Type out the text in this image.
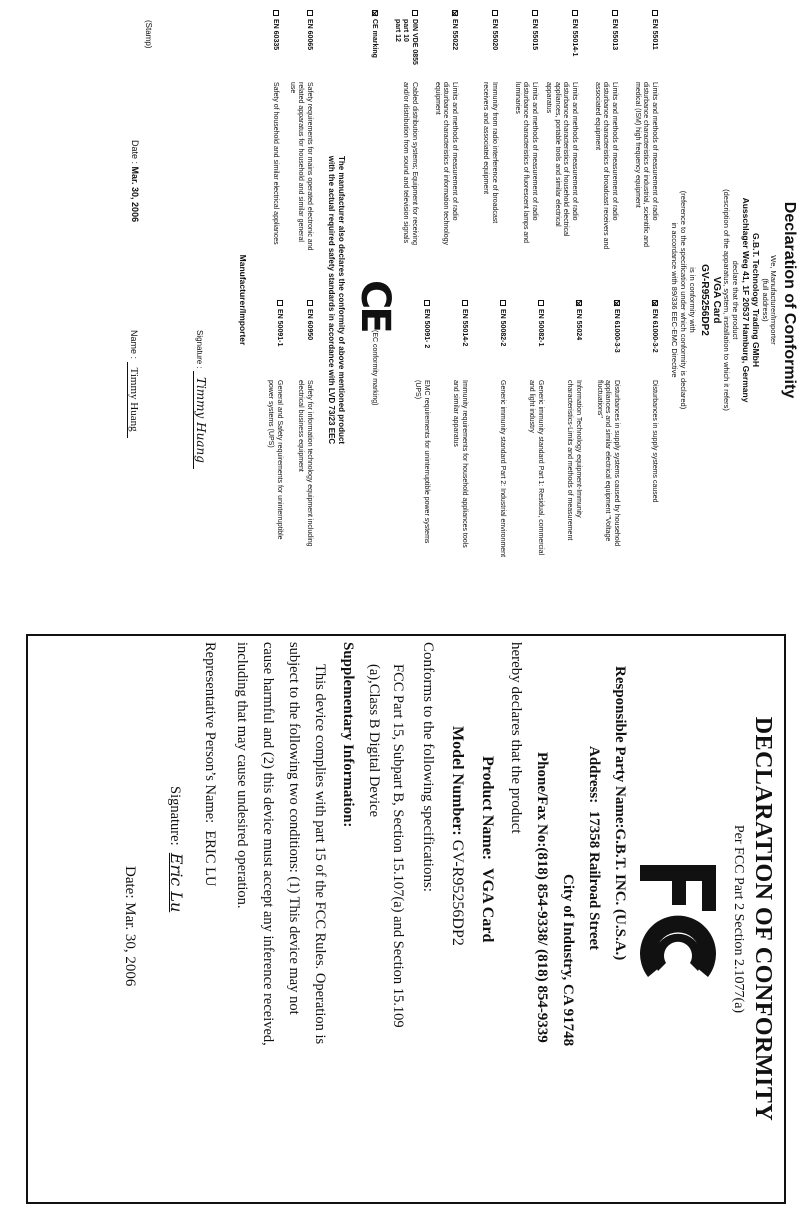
Declaration of Conformity
We, Manufacturer/Importer
(full address)
G.B.T. Technology Trading GMbH
Ausschlager Weg 41, 1F 20537 Hamburg, Germany
declare that the product
(description of the apparatus, system, installation to which it refers)
VGA Card
GV-R95256DP2
is in conformity with
(reference to the specification under which conformity is declared)
in accordance with 89/336 EEC-EMC Directive
EN 55011
Limits and methods of measurement of radio disturbance characteristics of industrial, scientific and medical (ISM) high frequency equipment
EN 55013
Limits and methods of measurement of radio disturbance characteristics of broadcast receivers and associated equipment
EN 55014-1
Limits and methods of measurement of radio disturbance characteristics of household electrical appliances, portable tools and similar electrical apparatus
EN 55015
Limits and methods of measurement of radio disturbance characteristics of fluorescent lamps and luminaries
EN 55020
Immunity from radio interference of broadcast receivers and associated equipment
EN 55022
Limits and methods of measurement of radio disturbance characteristics of information technology equipment
DIN VDE 0855
part 10
part 12
Cabled distribution systems; Equipment for receiving and/or distribution from sound and television signals
EN 61000-3-2
Disturbances in supply systems caused
EN 61000-3-3
Disturbances in supply systems caused by household appliances and similar electrical equipment "Voltage fluctuations"
EN 55024
Information Technology equipment-Immunity characteristics-Limits and methods of measurement
EN 50082-1
Generic immunity standard Part 1: Residual, commercial and light industry
EN 50082-2
Generic immunity standard Part 2: Industrial environment
EN 55014-2
Immunity requirements for household appliances tools and similar apparatus
EN 50091- 2
EMC requirements for uninterruptible power systems (UPS)
CE marking
CE
(EC conformity marking)
The manufacturer also declares the conformity of above mentioned product
with the actual required safety standards in accordance with LVD 73/23 EEC
EN 60065
Safety requirements for mains operated electronic and related apparatus for household and similar general use
EN 60335
Safety of household and similar electrical appliances
EN 60950
Safety for information technology equipment including electrical business equipment
EN 50091-1
General and Safety requirements for uninterruptible power systems (UPS)
Manufacturer/Importer
Signature : Timmy Huang
(Stamp)
Date : Mar. 30, 2006
Name : Timmy Huang
DECLARATION OF CONFORMITY
Per FCC Part 2 Section 2.1077(a)
Responsible Party Name:G.B.T. INC. (U.S.A.)
Address:  17358 Railroad Street
City of Industry, CA 91748
Phone/Fax No:(818) 854-9338/ (818) 854-9339
hereby declares that the product
Product Name:  VGA Card
Model Number: GV-R95256DP2
Conforms to the following specifications:
FCC Part 15, Subpart B, Section 15.107(a) and Section 15.109
(a),Class B Digital Device
Supplementary Information:
This device complies with part 15 of the FCC Rules. Operation is
subject to the following two conditions: (1) This device may not
cause harmful and (2) this device must accept any inference received,
including that may cause undesired operation.
Representative Person’s Name:  ERIC LU
Signature:  Eric Lu
Date: Mar. 30, 2006
